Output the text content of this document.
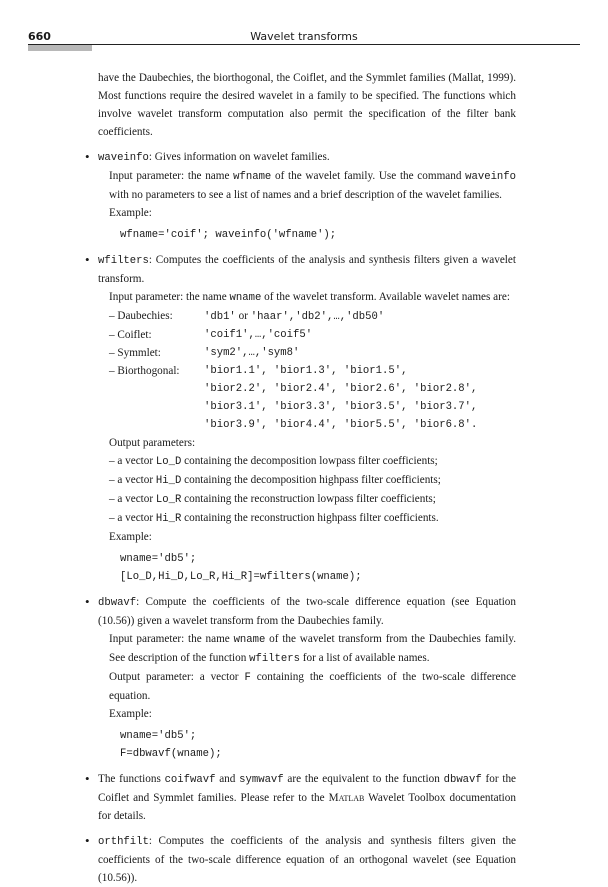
660	Wavelet transforms

have the Daubechies, the biorthogonal, the Coiflet, and the Symmlet families (Mallat, 1999). Most functions require the desired wavelet in a family to be specified. The functions which involve wavelet transform computation also permit the specification of the filter bank coefficients.

• waveinfo: Gives information on wavelet families.

Input parameter: the name wfname of the wavelet family. Use the command waveinfo with no parameters to see a list of names and a brief description of the wavelet families.

Example:

wfname='coif'; waveinfo('wfname');
• wfilters: Computes the coefficients of the analysis and synthesis filters given a wavelet transform.

Input parameter: the name wname of the wavelet transform. Available wavelet names are:

– Daubechies:	'db1' or 'haar','db2',…,'db50'
– Coiflet:	'coif1',…,'coif5'
– Symmlet:	'sym2',…,'sym8'
– Biorthogonal:	'bior1.1', 'bior1.3', 'bior1.5',
'bior2.2', 'bior2.4', 'bior2.6', 'bior2.8',
'bior3.1', 'bior3.3', 'bior3.5', 'bior3.7',
'bior3.9', 'bior4.4', 'bior5.5', 'bior6.8'.

Output parameters:

– a vector Lo_D containing the decomposition lowpass filter coefficients;

– a vector Hi_D containing the decomposition highpass filter coefficients;

– a vector Lo_R containing the reconstruction lowpass filter coefficients;

– a vector Hi_R containing the reconstruction highpass filter coefficients.

Example:

wname='db5';
[Lo_D,Hi_D,Lo_R,Hi_R]=wfilters(wname);
• dbwavf: Compute the coefficients of the two-scale difference equation (see Equation (10.56)) given a wavelet transform from the Daubechies family.

Input parameter: the name wname of the wavelet transform from the Daubechies family. See description of the function wfilters for a list of available names.

Output parameter: a vector F containing the coefficients of the two-scale difference equation.

Example:

wname='db5';
F=dbwavf(wname);
• The functions coifwavf and symwavf are the equivalent to the function dbwavf for the Coiflet and Symmlet families. Please refer to the Matlab Wavelet Toolbox documentation for details.

• orthfilt: Computes the coefficients of the analysis and synthesis filters given the coefficients of the two-scale difference equation of an orthogonal wavelet (see Equation (10.56)).
